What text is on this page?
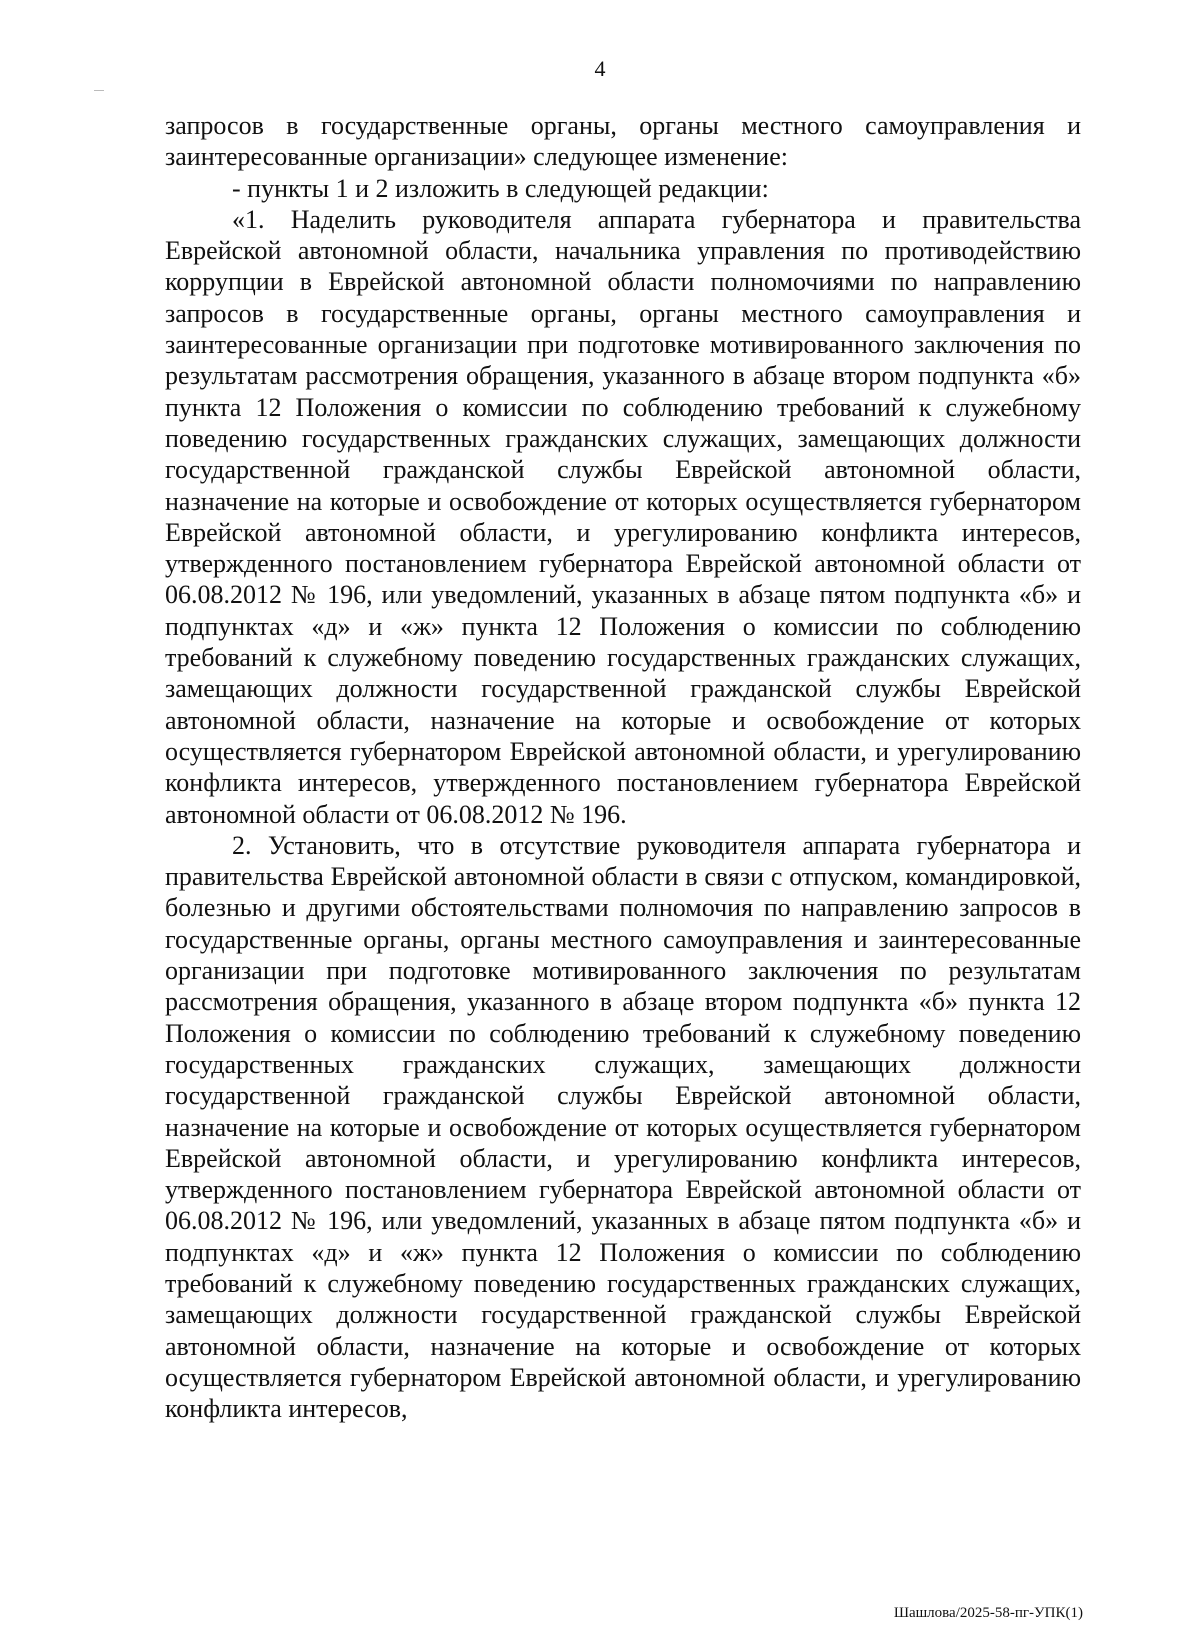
4

запросов в государственные органы, органы местного самоуправления и заинтересованные организации» следующее изменение:

- пункты 1 и 2 изложить в следующей редакции:

«1. Наделить руководителя аппарата губернатора и правительства Еврейской автономной области, начальника управления по противодействию коррупции в Еврейской автономной области полномочиями по направлению запросов в государственные органы, органы местного самоуправления и заинтересованные организации при подготовке мотивированного заключения по результатам рассмотрения обращения, указанного в абзаце втором подпункта «б» пункта 12 Положения о комиссии по соблюдению требований к служебному поведению государственных гражданских служащих, замещающих должности государственной гражданской службы Еврейской автономной области, назначение на которые и освобождение от которых осуществляется губернатором Еврейской автономной области, и урегулированию конфликта интересов, утвержденного постановлением губернатора Еврейской автономной области от 06.08.2012 № 196, или уведомлений, указанных в абзаце пятом подпункта «б» и подпунктах «д» и «ж» пункта 12 Положения о комиссии по соблюдению требований к служебному поведению государственных гражданских служащих, замещающих должности государственной гражданской службы Еврейской автономной области, назначение на которые и освобождение от которых осуществляется губернатором Еврейской автономной области, и урегулированию конфликта интересов, утвержденного постановлением губернатора Еврейской автономной области от 06.08.2012 № 196.

2. Установить, что в отсутствие руководителя аппарата губернатора и правительства Еврейской автономной области в связи с отпуском, командировкой, болезнью и другими обстоятельствами полномочия по направлению запросов в государственные органы, органы местного самоуправления и заинтересованные организации при подготовке мотивированного заключения по результатам рассмотрения обращения, указанного в абзаце втором подпункта «б» пункта 12 Положения о комиссии по соблюдению требований к служебному поведению государственных гражданских служащих, замещающих должности государственной гражданской службы Еврейской автономной области, назначение на которые и освобождение от которых осуществляется губернатором Еврейской автономной области, и урегулированию конфликта интересов, утвержденного постановлением губернатора Еврейской автономной области от 06.08.2012 № 196, или уведомлений, указанных в абзаце пятом подпункта «б» и подпунктах «д» и «ж» пункта 12 Положения о комиссии по соблюдению требований к служебному поведению государственных гражданских служащих, замещающих должности государственной гражданской службы Еврейской автономной области, назначение на которые и освобождение от которых осуществляется губернатором Еврейской автономной области, и урегулированию конфликта интересов,

Шашлова/2025-58-пг-УПК(1)
